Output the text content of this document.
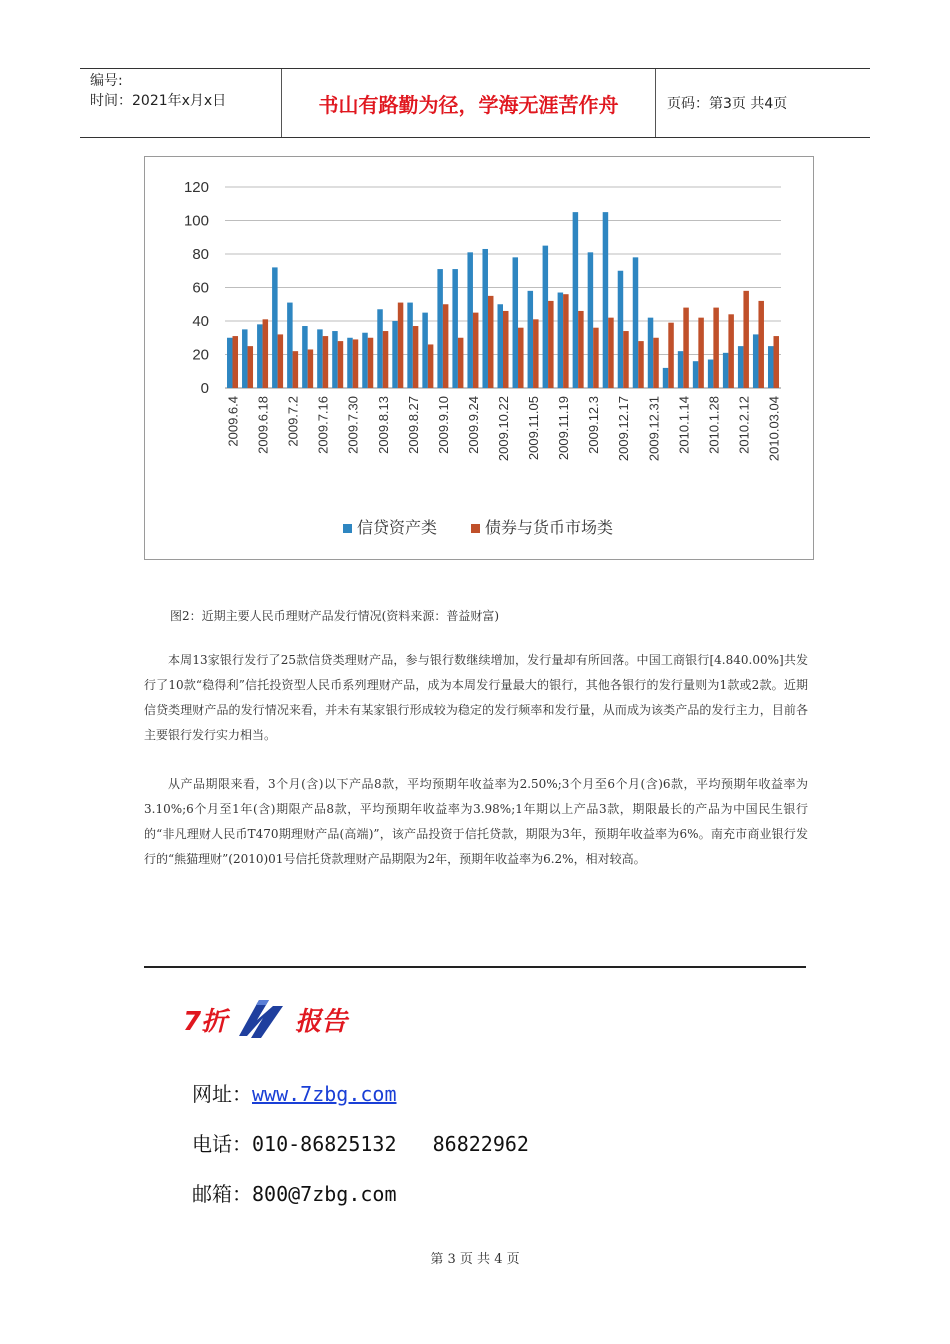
编号:
时间：2021年x月x日	书山有路勤为径，学海无涯苦作舟	页码：第3页 共4页
0
20
40
60
80
100
120
2009.6.4 2009.6.18 2009.7.2 2009.7.16 2009.7.30 2009.8.13 2009.8.27 2009.9.10 2009.9.24 2009.10.22 2009.11.05 2009.11.19 2009.12.3 2009.12.17 2009.12.31 2010.1.14 2010.1.28 2010.2.12 2010.03.04
信贷资产类	债券与货币市场类
图2：近期主要人民币理财产品发行情况(资料来源：普益财富)

本周13家银行发行了25款信贷类理财产品，参与银行数继续增加，发行量却有所回落。中国工商银行[4.840.00%]共发行了10款“稳得利”信托投资型人民币系列理财产品，成为本周发行量最大的银行，其他各银行的发行量则为1款或2款。近期信贷类理财产品的发行情况来看，并未有某家银行形成较为稳定的发行频率和发行量，从而成为该类产品的发行主力，目前各主要银行发行实力相当。

从产品期限来看，3个月(含)以下产品8款，平均预期年收益率为2.50%;3个月至6个月(含)6款，平均预期年收益率为3.10%;6个月至1年(含)期限产品8款，平均预期年收益率为3.98%;1年期以上产品3款，期限最长的产品为中国民生银行的“非凡理财人民币T470期理财产品(高端)”，该产品投资于信托贷款，期限为3年，预期年收益率为6%。南充市商业银行发行的“熊猫理财”(2010)01号信托贷款理财产品期限为2年，预期年收益率为6.2%，相对较高。

7折	报告
网址：www.7zbg.com
电话：010-86825132   86822962
邮箱：800@7zbg.com
第 3 页 共 4 页
